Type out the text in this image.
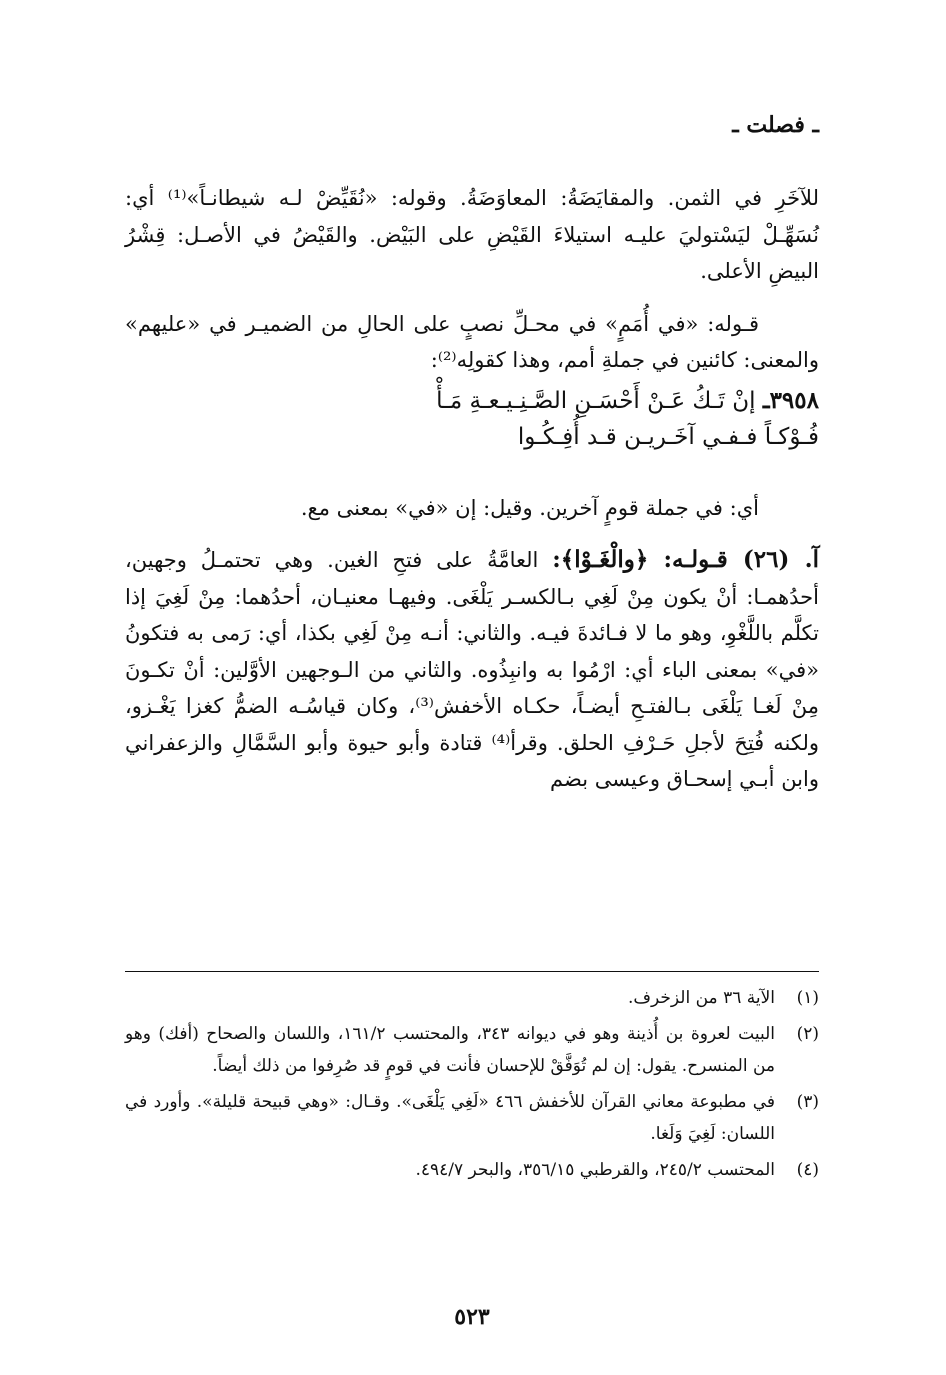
ـ فصلت ـ

للآخَرِ في الثمن. والمقايَضَةُ: المعاوَضَةُ. وقوله: «نُقَيِّضْ لـه شيطانـاً»⁽¹⁾ أي: نُسَهِّـلْ ليَسْتوليَ عليـه استيلاءَ القَيْضِ على البَيْض. والقَيْضُ في الأصـل: قِشْرُ البيضِ الأعلى.

قـوله: «في أُمَمٍ» في محـلِّ نصبٍ على الحالِ من الضميـر في «عليهم» والمعنى: كائنين في جملةِ أمم، وهذا كقولِه⁽²⁾:

٣٩٥٨ـ إنْ تَـكُ عَـنْ أَحْسَـنِ الصَّـنِـيـعـةِ مَـأْ

فُـوْكـاً فـفـي آخَـريـن قـد أُفِـكُـوا

أي: في جملة قومٍ آخرين. وقيل: إن «في» بمعنى مع.

آ. (٢٦) قـولـه: ﴿والْغَـوْا﴾: العامَّةُ على فتحِ الغين. وهي تحتمـلُ وجهين، أحدُهمـا: أنْ يكون مِنْ لَغِي بـالكسـر يَلْغَى. وفيهـا معنيـان، أحدُهما: مِنْ لَغِيَ إذا تكلَّم باللَّغْوِ، وهو ما لا فـائدةَ فيـه. والثاني: أنـه مِنْ لَغِي بكذا، أي: رَمى به فتكونُ «في» بمعنى الباء أي: ارْمُوا به وانبِذُوه. والثاني من الـوجهين الأوَّلين: أنْ تكـونَ مِنْ لَغـا يَلْغَى بـالفتـحِ أيضـاً، حكـاه الأخفش⁽³⁾، وكان قياسُـه الضمُّ كغزا يَغْـزو، ولكنه فُتِحَ لأجلِ حَـرْفِ الحلق. وقرأ⁽⁴⁾ قتادة وأبو حيوة وأبو السَّمَّالِ والزعفراني وابن أبـي إسحـاق وعيسى بضم

(١)
الآية ٣٦ من الزخرف.
(٢)
البيت لعروة بن أُذينة وهو في ديوانه ٣٤٣، والمحتسب ١٦١/٢، واللسان والصحاح (أفك) وهو من المنسرح. يقول: إن لم تُوَفَّقْ للإحسان فأنت في قومٍ قد صُرِفوا من ذلك أيضاً.
(٣)
في مطبوعة معاني القرآن للأخفش ٤٦٦ «لَغِي يَلْغَى». وقـال: «وهي قبيحة قليلة». وأورد في اللسان: لَغِيَ وَلَغا.
(٤)
المحتسب ٢٤٥/٢، والقرطبي ٣٥٦/١٥، والبحر ٤٩٤/٧.
٥٢٣
